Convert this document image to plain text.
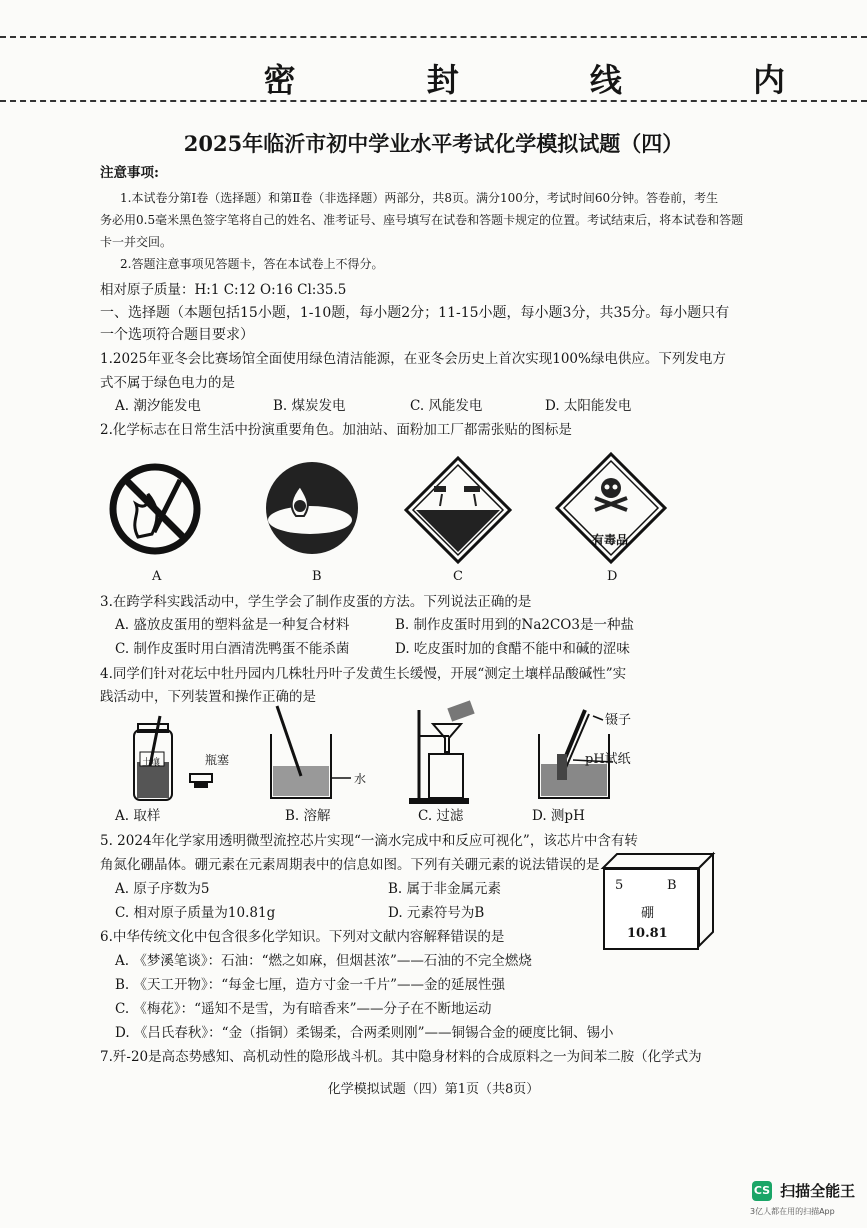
密 封 线 内
2025年临沂市初中学业水平考试化学模拟试题（四）
注意事项:
1.本试卷分第Ⅰ卷（选择题）和第Ⅱ卷（非选择题）两部分，共8页。满分100分，考试时间60分钟。答卷前，考生
务必用0.5毫米黑色签字笔将自己的姓名、准考证号、座号填写在试卷和答题卡规定的位置。考试结束后，将本试卷和答题
卡一并交回。
2.答题注意事项见答题卡，答在本试卷上不得分。
相对原子质量：H:1 C:12 O:16 Cl:35.5
一、选择题（本题包括15小题，1-10题，每小题2分；11-15小题，每小题3分，共35分。每小题只有
一个选项符合题目要求）
1.2025年亚冬会比赛场馆全面使用绿色清洁能源，在亚冬会历史上首次实现100%绿电供应。下列发电方
式不属于绿色电力的是
A. 潮汐能发电	B. 煤炭发电	C. 风能发电	D. 太阳能发电
2.化学标志在日常生活中扮演重要角色。加油站、面粉加工厂都需张贴的图标是
有毒品
A	B	C	D
3.在跨学科实践活动中，学生学会了制作皮蛋的方法。下列说法正确的是
A. 盛放皮蛋用的塑料盆是一种复合材料	B. 制作皮蛋时用到的Na2CO3是一种盐
C. 制作皮蛋时用白酒清洗鸭蛋不能杀菌	D. 吃皮蛋时加的食醋不能中和碱的涩味
4.同学们针对花坛中牡丹园内几株牡丹叶子发黄生长缓慢，开展“测定土壤样品酸碱性”实
践活动中，下列装置和操作正确的是
土壤	瓶塞
水
镊子
pH试纸
A. 取样	B. 溶解	C. 过滤	D. 测pH
5. 2024年化学家用透明微型流控芯片实现“一滴水完成中和反应可视化”，该芯片中含有转
角氮化硼晶体。硼元素在元素周期表中的信息如图。下列有关硼元素的说法错误的是
A. 原子序数为5	B. 属于非金属元素
C. 相对原子质量为10.81g	D. 元素符号为B
5	B
硼
10.81
6.中华传统文化中包含很多化学知识。下列对文献内容解释错误的是
A. 《梦溪笔谈》：石油：“燃之如麻，但烟甚浓”——石油的不完全燃烧
B. 《天工开物》：“每金七厘，造方寸金一千片”——金的延展性强
C. 《梅花》：“遥知不是雪，为有暗香来”——分子在不断地运动
D. 《吕氏春秋》：“金（指铜）柔锡柔，合两柔则刚”——铜锡合金的硬度比铜、锡小
7.歼-20是高态势感知、高机动性的隐形战斗机。其中隐身材料的合成原料之一为间苯二胺（化学式为
化学模拟试题（四）第1页（共8页）
CS 扫描全能王
3亿人都在用的扫描App
